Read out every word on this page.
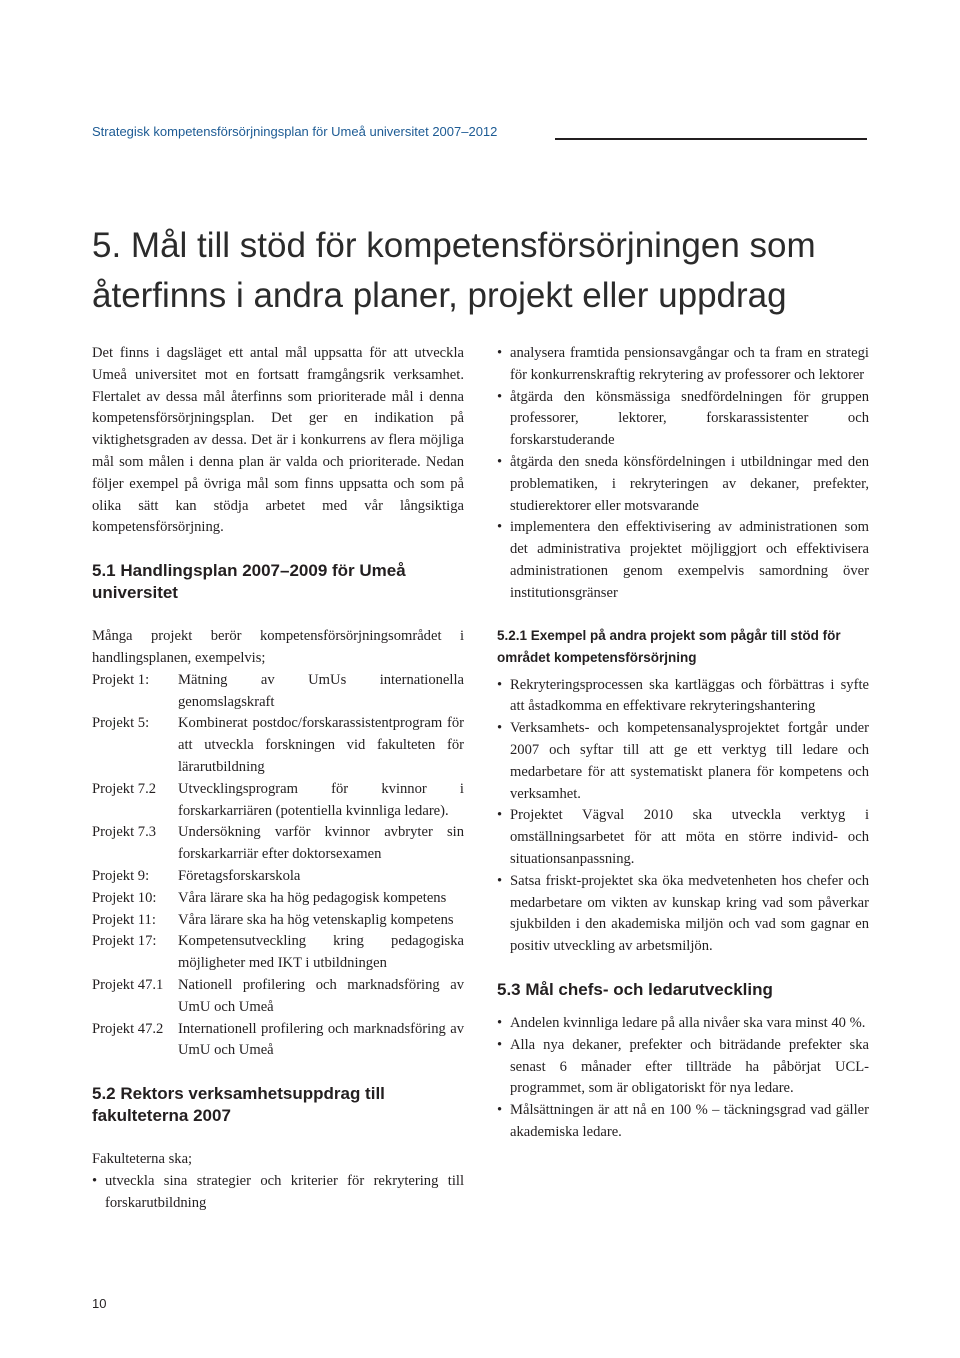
Strategisk kompetensförsörjningsplan för Umeå universitet 2007–2012
5. Mål till stöd för kompetensförsörjningen som återfinns i andra planer, projekt eller uppdrag

Det finns i dagsläget ett antal mål uppsatta för att utveckla Umeå universitet mot en fortsatt framgångsrik verksamhet. Flertalet av dessa mål återfinns som prioriterade mål i denna kompetensförsörjningsplan. Det ger en indikation på viktighetsgraden av dessa. Det är i konkurrens av flera möjliga mål som målen i denna plan är valda och prioriterade. Nedan följer exempel på övriga mål som finns uppsatta och som på olika sätt kan stödja arbetet med vår långsiktiga kompetensförsörjning.

5.1 Handlingsplan 2007–2009 för Umeå universitet

Många projekt berör kompetensförsörjningsområdet i handlingsplanen, exempelvis;

Projekt 1:	Mätning av UmUs internationella genomslagskraft
Projekt 5:	Kombinerat postdoc/forskarassistentprogram för att utveckla forskningen vid fakulteten för lärarutbildning
Projekt 7.2	Utvecklingsprogram för kvinnor i forskarkarriären (potentiella kvinnliga ledare).
Projekt 7.3	Undersökning varför kvinnor avbryter sin forskarkarriär efter doktorsexamen
Projekt 9:	Företagsforskarskola
Projekt 10:	Våra lärare ska ha hög pedagogisk kompetens
Projekt 11:	Våra lärare ska ha hög vetenskaplig kompetens
Projekt 17:	Kompetensutveckling kring pedagogiska möjligheter med IKT i utbildningen
Projekt 47.1	Nationell profilering och marknadsföring av UmU och Umeå
Projekt 47.2	Internationell profilering och marknadsföring av UmU och Umeå
5.2 Rektors verksamhetsuppdrag till fakulteterna 2007

Fakulteterna ska;

• utveckla sina strategier och kriterier för rekrytering till forskarutbildning
• analysera framtida pensionsavgångar och ta fram en strategi för konkurrenskraftig rekrytering av professorer och lektorer
• åtgärda den könsmässiga snedfördelningen för gruppen professorer, lektorer, forskarassistenter och forskarstuderande
• åtgärda den sneda könsfördelningen i utbildningar med den problematiken, i rekryteringen av dekaner, prefekter, studierektorer eller motsvarande
• implementera den effektivisering av administrationen som det administrativa projektet möjliggjort och effektivisera administrationen genom exempelvis samordning över institutionsgränser
5.2.1 Exempel på andra projekt som pågår till stöd för området kompetensförsörjning
• Rekryteringsprocessen ska kartläggas och förbättras i syfte att åstadkomma en effektivare rekryteringshantering
• Verksamhets- och kompetensanalysprojektet fortgår under 2007 och syftar till att ge ett verktyg till ledare och medarbetare för att systematiskt planera för kompetens och verksamhet.
• Projektet Vägval 2010 ska utveckla verktyg i omställningsarbetet för att möta en större individ- och situationsanpassning.
• Satsa friskt-projektet ska öka medvetenheten hos chefer och medarbetare om vikten av kunskap kring vad som påverkar sjukbilden i den akademiska miljön och vad som gagnar en positiv utveckling av arbetsmiljön.
5.3 Mål chefs- och ledarutveckling
• Andelen kvinnliga ledare på alla nivåer ska vara minst 40 %.
• Alla nya dekaner, prefekter och biträdande prefekter ska senast 6 månader efter tillträde ha påbörjat UCL-programmet, som är obligatoriskt för nya ledare.
• Målsättningen är att nå en 100 % – täckningsgrad vad gäller akademiska ledare.
10
